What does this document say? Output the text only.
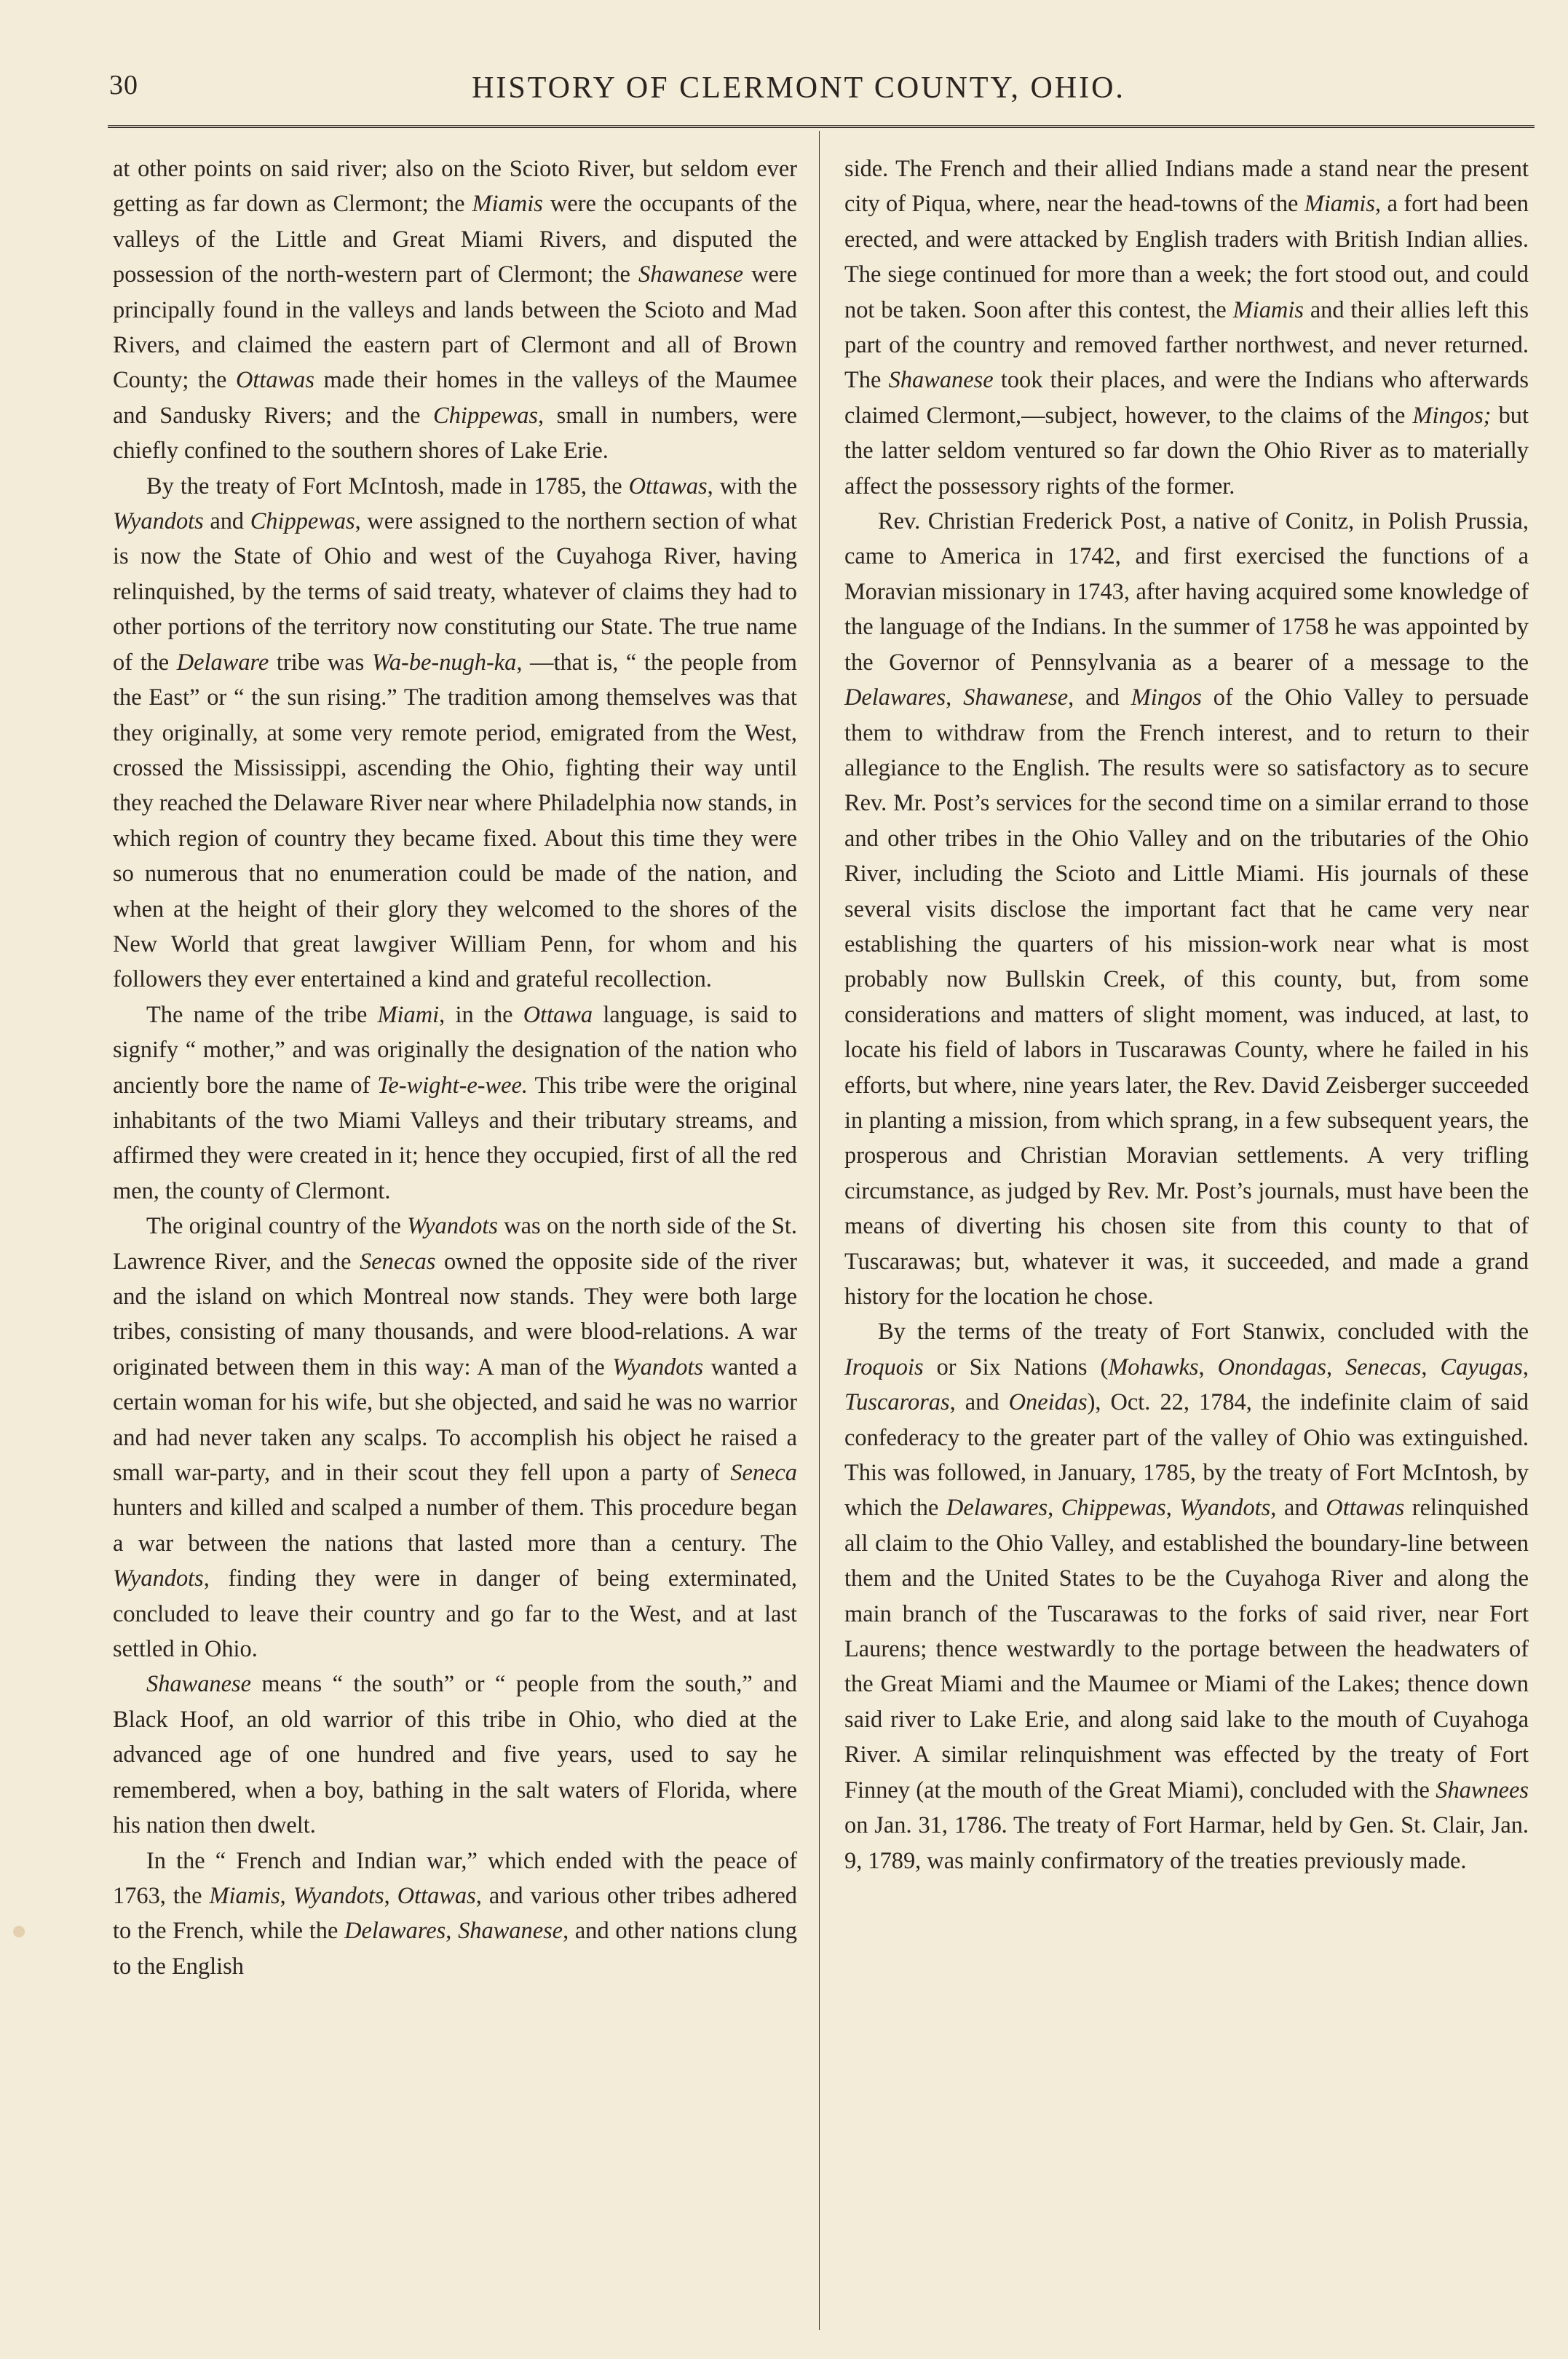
30	HISTORY OF CLERMONT COUNTY, OHIO.

at other points on said river; also on the Scioto River, but seldom ever getting as far down as Clermont; the Miamis were the occupants of the valleys of the Little and Great Miami Rivers, and disputed the possession of the north-western part of Clermont; the Shawanese were principally found in the valleys and lands between the Scioto and Mad Rivers, and claimed the eastern part of Clermont and all of Brown County; the Ottawas made their homes in the valleys of the Maumee and Sandusky Rivers; and the Chippewas, small in numbers, were chiefly confined to the southern shores of Lake Erie.

By the treaty of Fort McIntosh, made in 1785, the Ottawas, with the Wyandots and Chippewas, were assigned to the northern section of what is now the State of Ohio and west of the Cuyahoga River, having relinquished, by the terms of said treaty, whatever of claims they had to other portions of the territory now constituting our State. The true name of the Delaware tribe was Wa-be-nugh-ka, —that is, “ the people from the East” or “ the sun rising.” The tradition among themselves was that they originally, at some very remote period, emigrated from the West, crossed the Mississippi, ascending the Ohio, fighting their way until they reached the Delaware River near where Philadelphia now stands, in which region of country they became fixed. About this time they were so numerous that no enumeration could be made of the nation, and when at the height of their glory they welcomed to the shores of the New World that great lawgiver William Penn, for whom and his followers they ever entertained a kind and grateful recollection.

The name of the tribe Miami, in the Ottawa language, is said to signify “ mother,” and was originally the designation of the nation who anciently bore the name of Te-wight-e-wee. This tribe were the original inhabitants of the two Miami Valleys and their tributary streams, and affirmed they were created in it; hence they occupied, first of all the red men, the county of Clermont.

The original country of the Wyandots was on the north side of the St. Lawrence River, and the Senecas owned the opposite side of the river and the island on which Montreal now stands. They were both large tribes, consisting of many thousands, and were blood-relations. A war originated between them in this way: A man of the Wyandots wanted a certain woman for his wife, but she objected, and said he was no warrior and had never taken any scalps. To accomplish his object he raised a small war-party, and in their scout they fell upon a party of Seneca hunters and killed and scalped a number of them. This procedure began a war between the nations that lasted more than a century. The Wyandots, finding they were in danger of being exterminated, concluded to leave their country and go far to the West, and at last settled in Ohio.

Shawanese means “ the south” or “ people from the south,” and Black Hoof, an old warrior of this tribe in Ohio, who died at the advanced age of one hundred and five years, used to say he remembered, when a boy, bathing in the salt waters of Florida, where his nation then dwelt.

In the “ French and Indian war,” which ended with the peace of 1763, the Miamis, Wyandots, Ottawas, and various other tribes adhered to the French, while the Delawares, Shawanese, and other nations clung to the English

side. The French and their allied Indians made a stand near the present city of Piqua, where, near the head-towns of the Miamis, a fort had been erected, and were attacked by English traders with British Indian allies. The siege continued for more than a week; the fort stood out, and could not be taken. Soon after this contest, the Miamis and their allies left this part of the country and removed farther northwest, and never returned. The Shawanese took their places, and were the Indians who afterwards claimed Clermont,—subject, however, to the claims of the Mingos; but the latter seldom ventured so far down the Ohio River as to materially affect the possessory rights of the former.

Rev. Christian Frederick Post, a native of Conitz, in Polish Prussia, came to America in 1742, and first exercised the functions of a Moravian missionary in 1743, after having acquired some knowledge of the language of the Indians. In the summer of 1758 he was appointed by the Governor of Pennsylvania as a bearer of a message to the Delawares, Shawanese, and Mingos of the Ohio Valley to persuade them to withdraw from the French interest, and to return to their allegiance to the English. The results were so satisfactory as to secure Rev. Mr. Post’s services for the second time on a similar errand to those and other tribes in the Ohio Valley and on the tributaries of the Ohio River, including the Scioto and Little Miami. His journals of these several visits disclose the important fact that he came very near establishing the quarters of his mission-work near what is most probably now Bullskin Creek, of this county, but, from some considerations and matters of slight moment, was induced, at last, to locate his field of labors in Tuscarawas County, where he failed in his efforts, but where, nine years later, the Rev. David Zeisberger succeeded in planting a mission, from which sprang, in a few subsequent years, the prosperous and Christian Moravian settlements. A very trifling circumstance, as judged by Rev. Mr. Post’s journals, must have been the means of diverting his chosen site from this county to that of Tuscarawas; but, whatever it was, it succeeded, and made a grand history for the location he chose.

By the terms of the treaty of Fort Stanwix, concluded with the Iroquois or Six Nations (Mohawks, Onondagas, Senecas, Cayugas, Tuscaroras, and Oneidas), Oct. 22, 1784, the indefinite claim of said confederacy to the greater part of the valley of Ohio was extinguished. This was followed, in January, 1785, by the treaty of Fort McIntosh, by which the Delawares, Chippewas, Wyandots, and Ottawas relinquished all claim to the Ohio Valley, and established the boundary-line between them and the United States to be the Cuyahoga River and along the main branch of the Tuscarawas to the forks of said river, near Fort Laurens; thence westwardly to the portage between the headwaters of the Great Miami and the Maumee or Miami of the Lakes; thence down said river to Lake Erie, and along said lake to the mouth of Cuyahoga River. A similar relinquishment was effected by the treaty of Fort Finney (at the mouth of the Great Miami), concluded with the Shawnees on Jan. 31, 1786. The treaty of Fort Harmar, held by Gen. St. Clair, Jan. 9, 1789, was mainly confirmatory of the treaties previously made.
